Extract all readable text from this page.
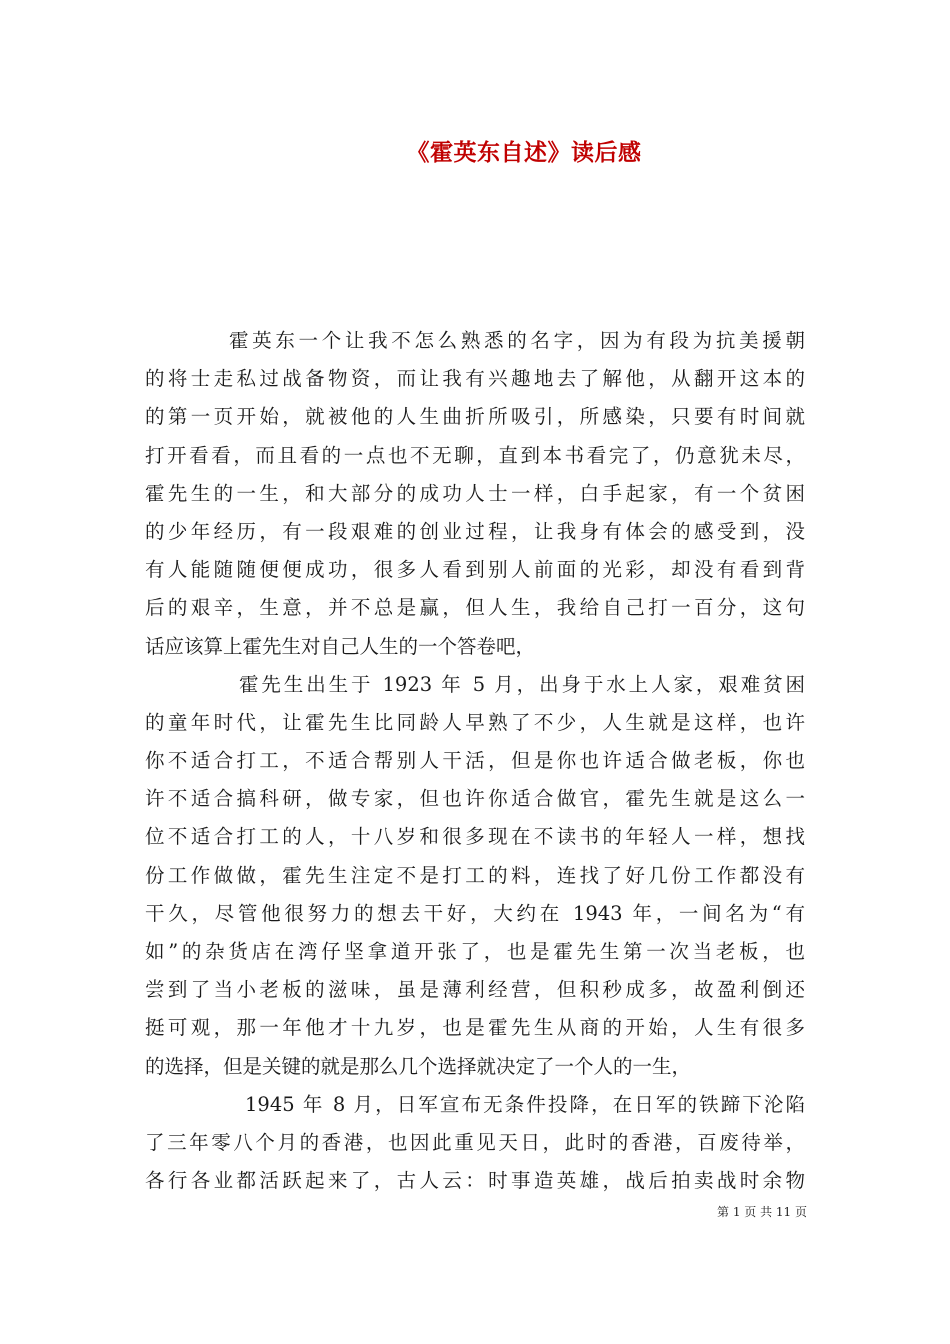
《霍英东自述》读后感
霍英东一个让我不怎么熟悉的名字，因为有段为抗美援朝
的将士走私过战备物资，而让我有兴趣地去了解他，从翻开这本的
的第一页开始，就被他的人生曲折所吸引，所感染，只要有时间就
打开看看，而且看的一点也不无聊，直到本书看完了，仍意犹未尽，
霍先生的一生，和大部分的成功人士一样，白手起家，有一个贫困
的少年经历，有一段艰难的创业过程，让我身有体会的感受到，没
有人能随随便便成功，很多人看到别人前面的光彩，却没有看到背
后的艰辛，生意，并不总是赢，但人生，我给自己打一百分，这句
话应该算上霍先生对自己人生的一个答卷吧，
霍先生出生于 1923 年 5 月，出身于水上人家，艰难贫困
的童年时代，让霍先生比同龄人早熟了不少，人生就是这样，也许
你不适合打工，不适合帮别人干活，但是你也许适合做老板，你也
许不适合搞科研，做专家，但也许你适合做官，霍先生就是这么一
位不适合打工的人，十八岁和很多现在不读书的年轻人一样，想找
份工作做做，霍先生注定不是打工的料，连找了好几份工作都没有
干久，尽管他很努力的想去干好，大约在 1943 年，一间名为“有
如”的杂货店在湾仔坚拿道开张了，也是霍先生第一次当老板，也
尝到了当小老板的滋味，虽是薄利经营，但积秒成多，故盈利倒还
挺可观，那一年他才十九岁，也是霍先生从商的开始，人生有很多
的选择，但是关键的就是那么几个选择就决定了一个人的一生，
1945 年 8 月，日军宣布无条件投降，在日军的铁蹄下沦陷
了三年零八个月的香港，也因此重见天日，此时的香港，百废待举，
各行各业都活跃起来了，古人云：时事造英雄，战后拍卖战时余物
第 1 页 共 11 页
